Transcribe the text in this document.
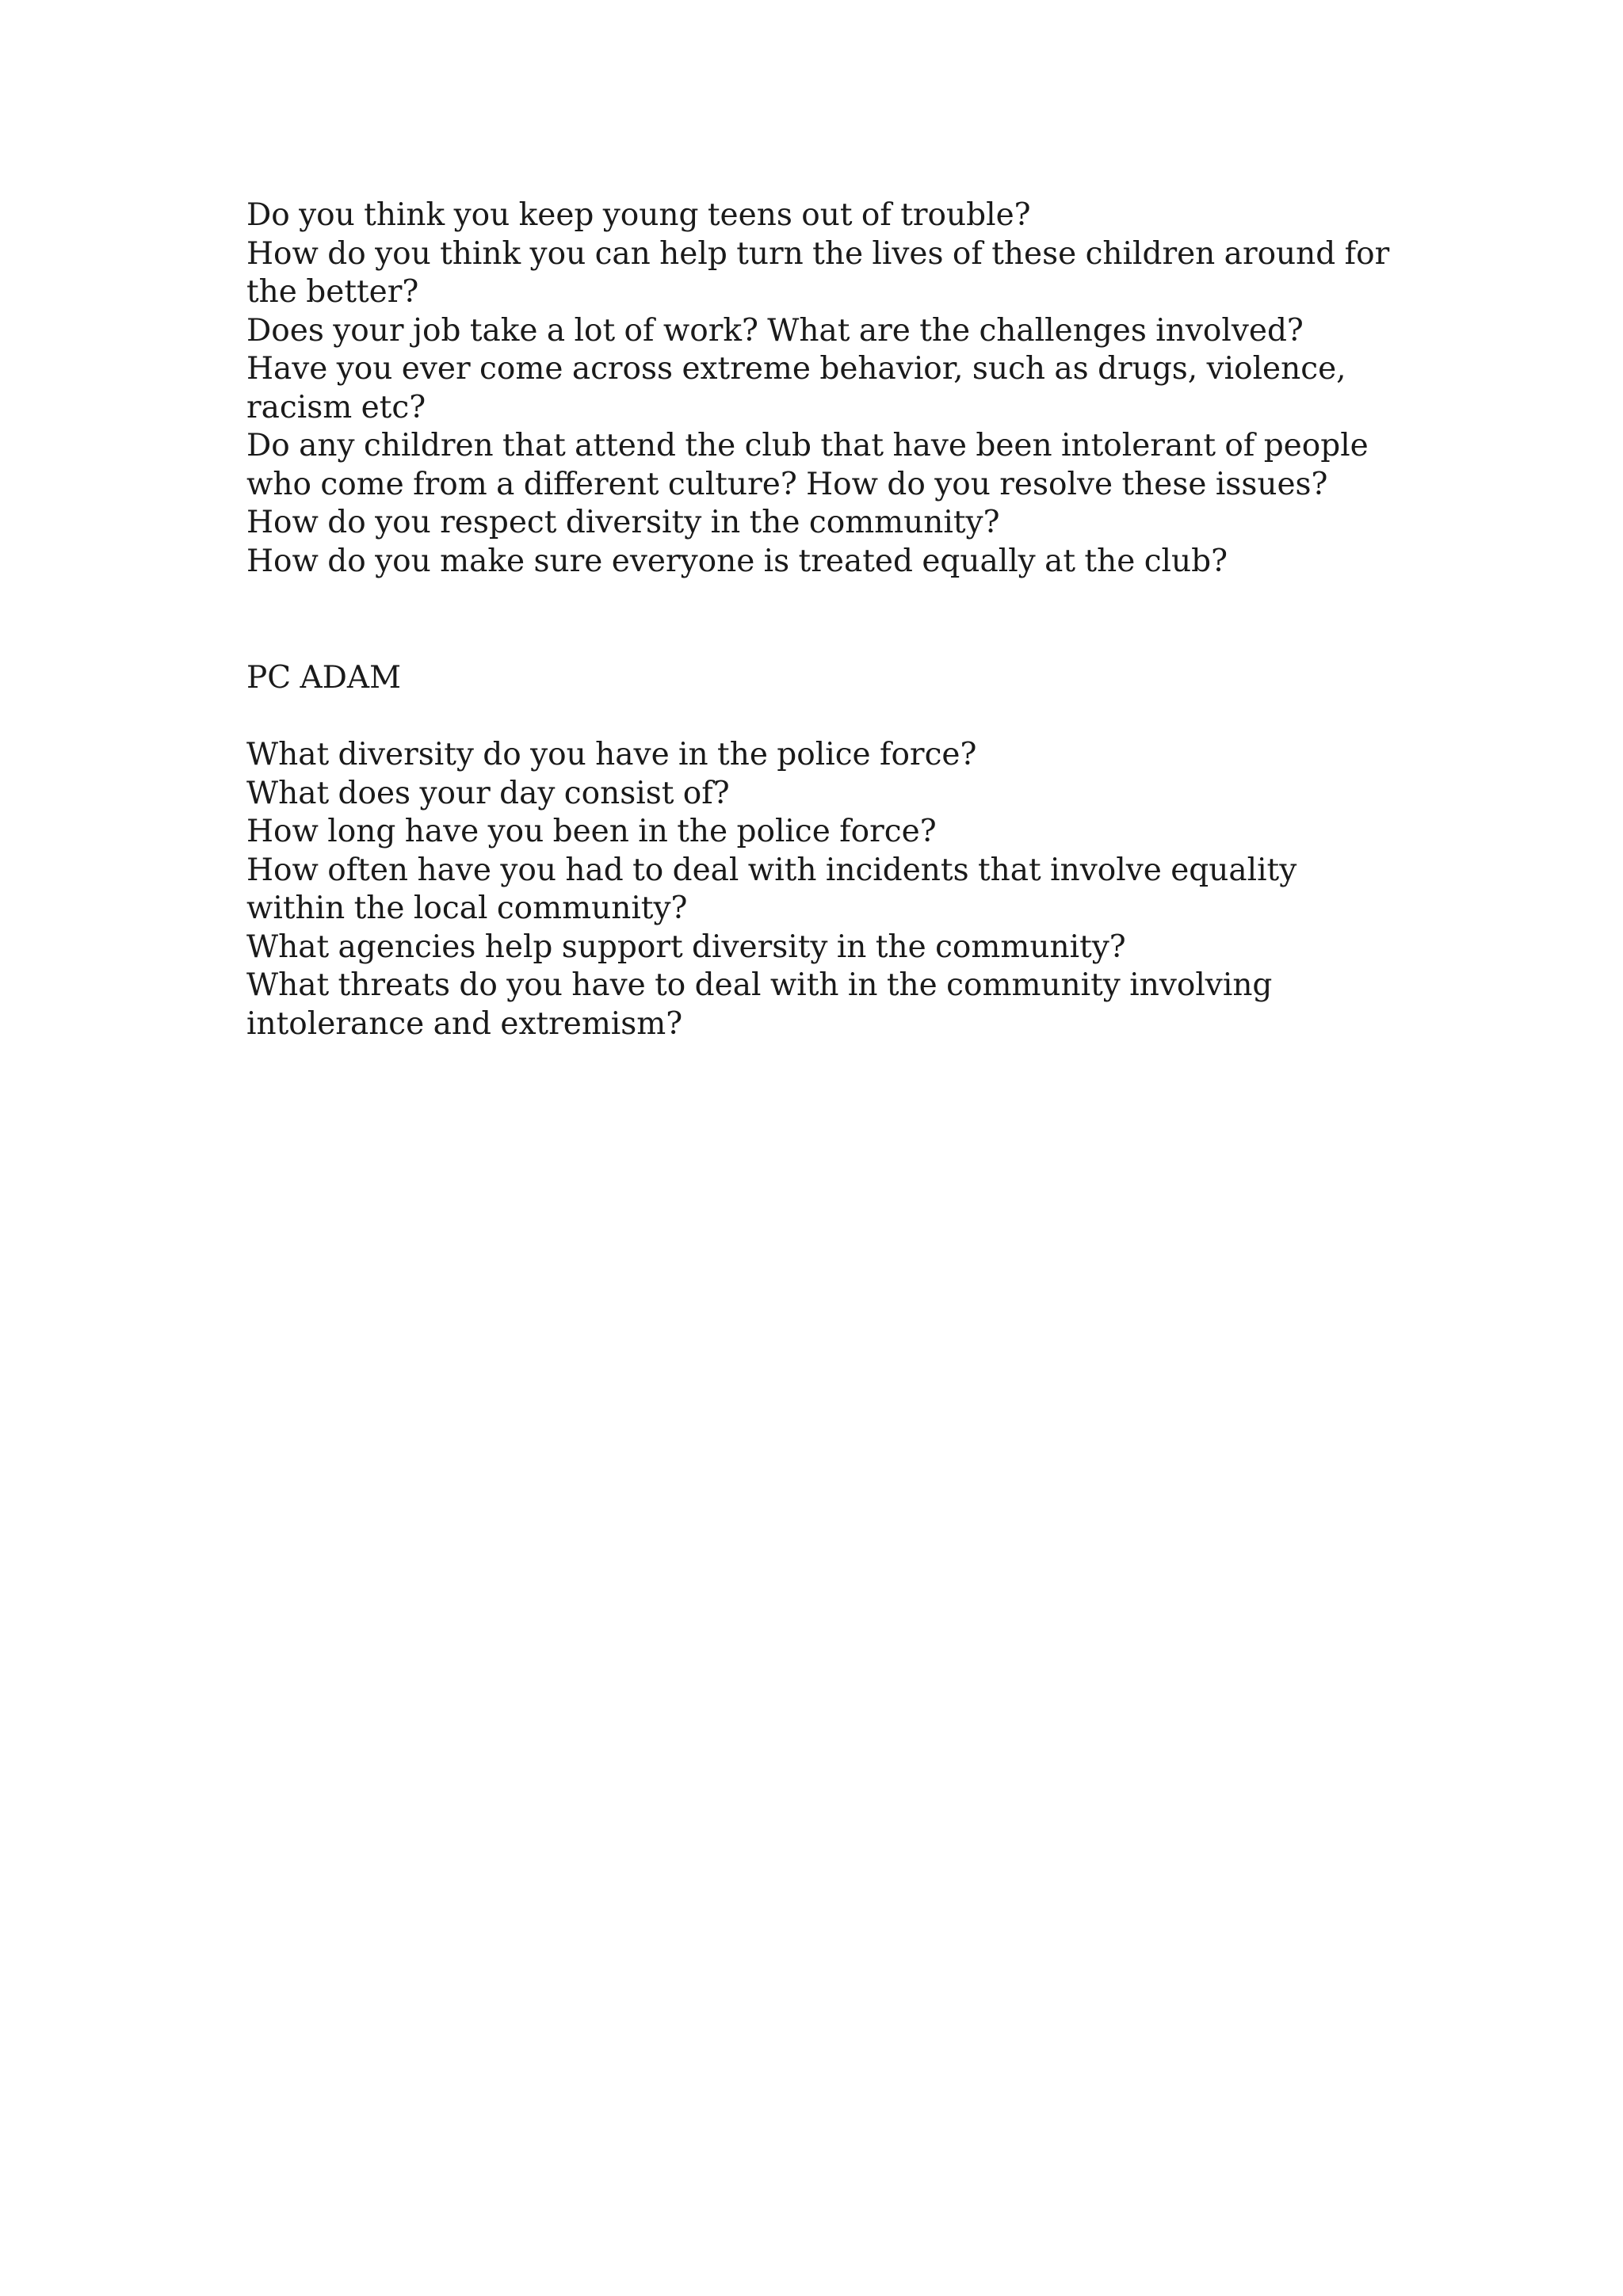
Do you think you keep young teens out of trouble?
How do you think you can help turn the lives of these children around for the better?
Does your job take a lot of work? What are the challenges involved?
Have you ever come across extreme behavior, such as drugs, violence, racism etc?
Do any children that attend the club that have been intolerant of people who come from a different culture? How do you resolve these issues?
How do you respect diversity in the community?
How do you make sure everyone is treated equally at the club?
PC ADAM
What diversity do you have in the police force?
What does your day consist of?
How long have you been in the police force?
How often have you had to deal with incidents that involve equality within the local community?
What agencies help support diversity in the community?
What threats do you have to deal with in the community involving intolerance and extremism?
